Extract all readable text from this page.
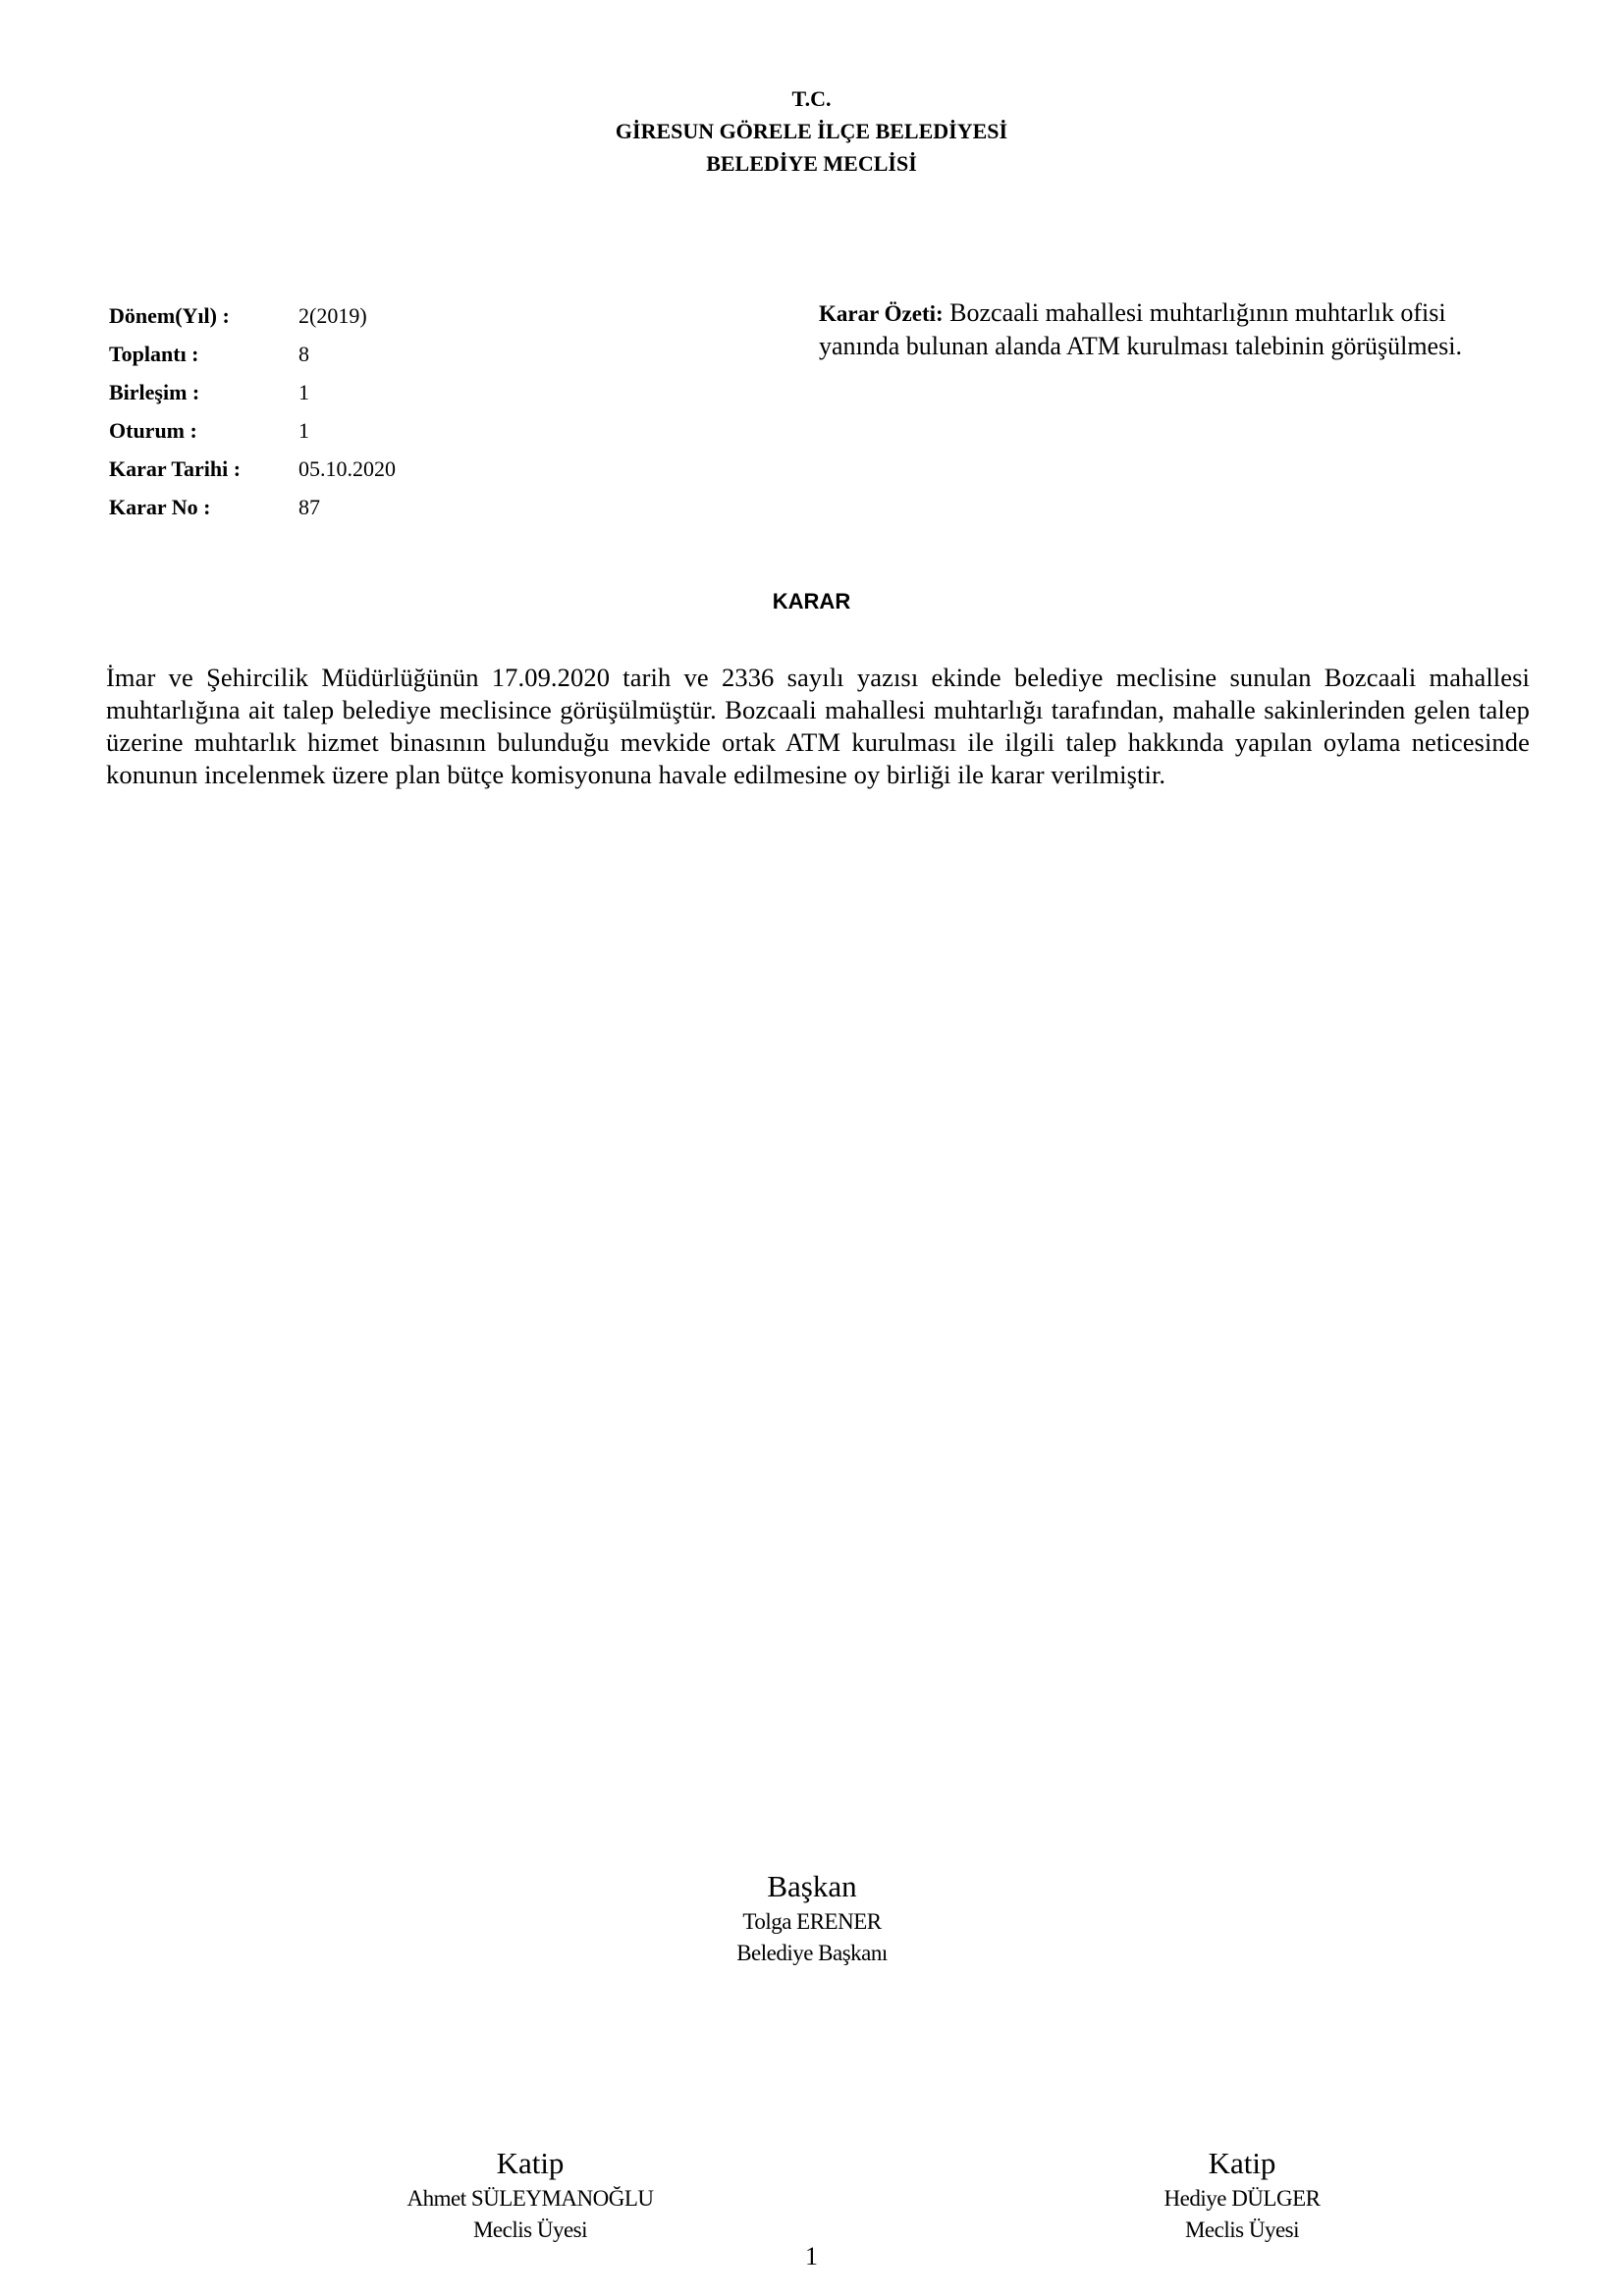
T.C.
GİRESUN GÖRELE İLÇE BELEDİYESİ
BELEDİYE MECLİSİ
Dönem(Yıl) :	2(2019)
Toplantı :	8
Birleşim :	1
Oturum :	1
Karar Tarihi :	05.10.2020
Karar No :	87
Karar Özeti: Bozcaali mahallesi muhtarlığının muhtarlık ofisi yanında bulunan alanda ATM kurulması talebinin görüşülmesi.
KARAR
İmar ve Şehircilik Müdürlüğünün 17.09.2020 tarih ve 2336 sayılı yazısı ekinde belediye meclisine sunulan Bozcaali mahallesi muhtarlığına ait talep belediye meclisince görüşülmüştür. Bozcaali mahallesi muhtarlığı tarafından, mahalle sakinlerinden gelen talep üzerine muhtarlık hizmet binasının bulunduğu mevkide ortak ATM kurulması ile ilgili talep hakkında yapılan oylama neticesinde konunun incelenmek üzere plan bütçe komisyonuna havale edilmesine oy birliği ile karar verilmiştir.
Başkan
Tolga ERENER
Belediye Başkanı
Katip
Ahmet SÜLEYMANOĞLU
Meclis Üyesi
Katip
Hediye DÜLGER
Meclis Üyesi
1
